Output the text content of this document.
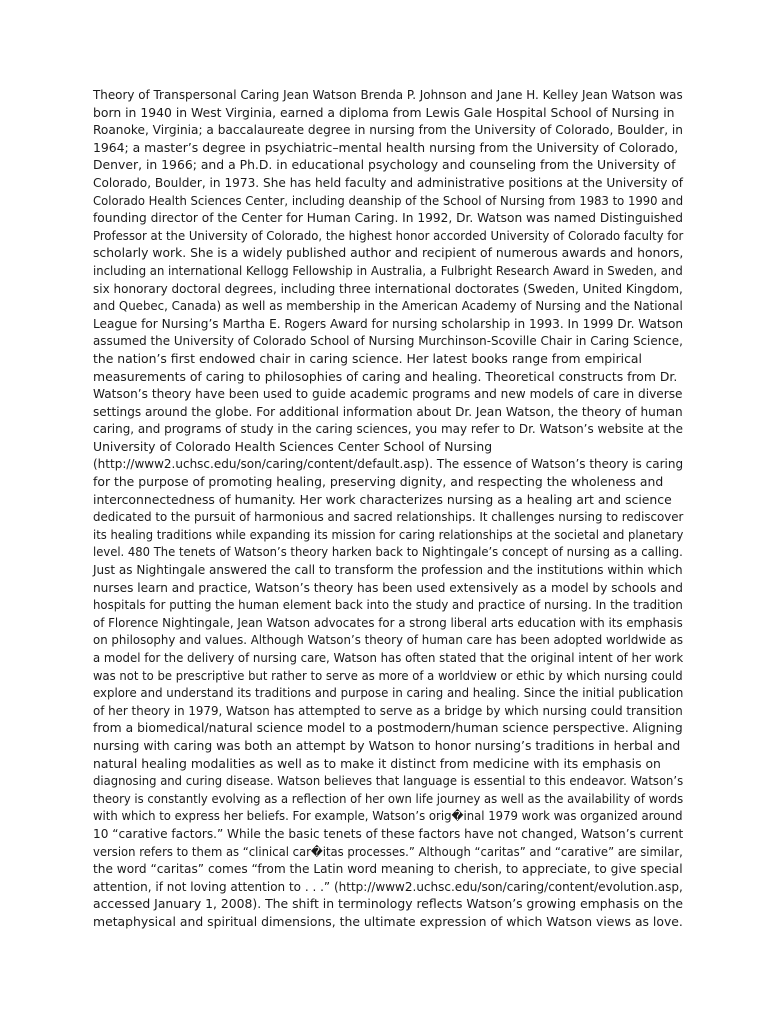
Theory of Transpersonal Caring Jean Watson Brenda P. Johnson and Jane H. Kelley Jean Watson was
born in 1940 in West Virginia, earned a diploma from Lewis Gale Hospital School of Nursing in
Roanoke, Virginia; a baccalaureate degree in nursing from the University of Colorado, Boulder, in
1964; a master’s degree in psychiatric–mental health nursing from the University of Colorado,
Denver, in 1966; and a Ph.D. in educational psychology and counseling from the University of
Colorado, Boulder, in 1973. She has held faculty and administrative positions at the University of
Colorado Health Sciences Center, including deanship of the School of Nursing from 1983 to 1990 and
founding director of the Center for Human Caring. In 1992, Dr. Watson was named Distinguished
Professor at the University of Colorado, the highest honor accorded University of Colorado faculty for
scholarly work. She is a widely published author and recipient of numerous awards and honors,
including an international Kellogg Fellowship in Australia, a Fulbright Research Award in Sweden, and
six honorary doctoral degrees, including three international doctorates (Sweden, United Kingdom,
and Quebec, Canada) as well as membership in the American Academy of Nursing and the National
League for Nursing’s Martha E. Rogers Award for nursing scholarship in 1993. In 1999 Dr. Watson
assumed the University of Colorado School of Nursing Murchinson-Scoville Chair in Caring Science,
the nation’s first endowed chair in caring science. Her latest books range from empirical
measurements of caring to philosophies of caring and healing. Theoretical constructs from Dr.
Watson’s theory have been used to guide academic programs and new models of care in diverse
settings around the globe. For additional information about Dr. Jean Watson, the theory of human
caring, and programs of study in the caring sciences, you may refer to Dr. Watson’s website at the
University of Colorado Health Sciences Center School of Nursing
(http://www2.uchsc.edu/son/caring/content/default.asp). The essence of Watson’s theory is caring
for the purpose of promoting healing, preserving dignity, and respecting the wholeness and
interconnectedness of humanity. Her work characterizes nursing as a healing art and science
dedicated to the pursuit of harmonious and sacred relationships. It challenges nursing to rediscover
its healing traditions while expanding its mission for caring relationships at the societal and planetary
level. 480 The tenets of Watson’s theory harken back to Nightingale’s concept of nursing as a calling.
Just as Nightingale answered the call to transform the profession and the institutions within which
nurses learn and practice, Watson’s theory has been used extensively as a model by schools and
hospitals for putting the human element back into the study and practice of nursing. In the tradition
of Florence Nightingale, Jean Watson advocates for a strong liberal arts education with its emphasis
on philosophy and values. Although Watson’s theory of human care has been adopted worldwide as
a model for the delivery of nursing care, Watson has often stated that the original intent of her work
was not to be prescriptive but rather to serve as more of a worldview or ethic by which nursing could
explore and understand its traditions and purpose in caring and healing. Since the initial publication
of her theory in 1979, Watson has attempted to serve as a bridge by which nursing could transition
from a biomedical/natural science model to a postmodern/human science perspective. Aligning
nursing with caring was both an attempt by Watson to honor nursing’s traditions in herbal and
natural healing modalities as well as to make it distinct from medicine with its emphasis on
diagnosing and curing disease. Watson believes that language is essential to this endeavor. Watson’s
theory is constantly evolving as a reflection of her own life journey as well as the availability of words
with which to express her beliefs. For example, Watson’s orig�inal 1979 work was organized around
10 “carative factors.” While the basic tenets of these factors have not changed, Watson’s current
version refers to them as “clinical car�itas processes.” Although “caritas” and “carative” are similar,
the word “caritas” comes “from the Latin word meaning to cherish, to appreciate, to give special
attention, if not loving attention to . . .” (http://www2.uchsc.edu/son/caring/content/evolution.asp,
accessed January 1, 2008). The shift in terminology reflects Watson’s growing emphasis on the
metaphysical and spiritual dimensions, the ultimate expression of which Watson views as love.
